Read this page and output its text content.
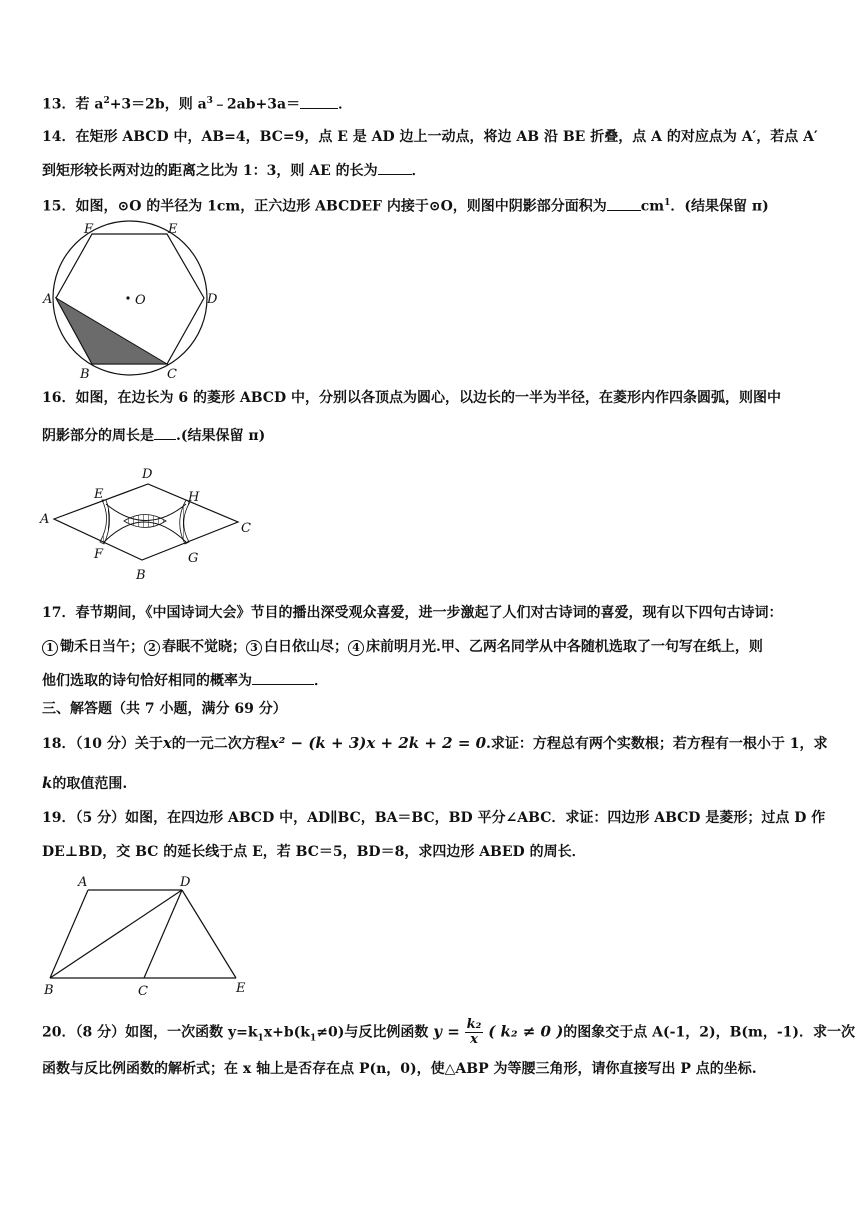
13．若 $a^2+3=2b$，则 $a^3﹣2ab+3a=$	．
14．在矩形 ABCD 中，AB=4，BC=9，点 E 是 AD 边上一动点，将边 AB 沿 BE 折叠，点 A 的对应点为 A′，若点 A′
到矩形较长两对边的距离之比为 1：3，则 AE 的长为 ．
15．如图，⊙O 的半径为 1cm，正六边形 ABCDEF 内接于⊙O，则图中阴影部分面积为 $cm^1$．(结果保留 π)
A
B	C
D
E
F
O
16．如图，在边长为 6 的菱形 ABCD 中，分别以各顶点为圆心，以边长的一半为半径，在菱形内作四条圆弧，则图中
阴影部分的周长是 .(结果保留 π)
A
D
C
B
E
F	G
H
17．春节期间，《中国诗词大会》节目的播出深受观众喜爱，进一步激起了人们对古诗词的喜爱，现有以下四句古诗词：
1 锄禾日当午； 2 春眠不觉晓； 3 白日依山尽； 4 床前明月光.甲、乙两名同学从中各随机选取了一句写在纸上，则
他们选取的诗句恰好相同的概率为	．
三、解答题（共 7 小题，满分 69 分）
18．（10 分）关于x的一元二次方程x² − (k + 3)x + 2k + 2 = 0.求证：方程总有两个实数根；若方程有一根小于 1，求
k的取值范围.
19．（5 分）如图，在四边形 ABCD 中，AD∥BC，BA＝BC，BD 平分∠ABC．求证：四边形 ABCD 是菱形；过点 D 作
DE⊥BD，交 BC 的延长线于点 E，若 BC＝5，BD＝8，求四边形 ABED 的周长．
A	D
B	C	E
20．（8 分）如图，一次函数 $y=k_1x+b(k_1\ne 0)$与反比例函数 $y = \frac{\text{k₂}}{x}$ ( k₂ ≠ 0 )的图象交于点 A(-1，2)，B(m，-1)．求一次
函数与反比例函数的解析式；在 x 轴上是否存在点 P(n，0)，使△ABP 为等腰三角形，请你直接写出 P 点的坐标.
